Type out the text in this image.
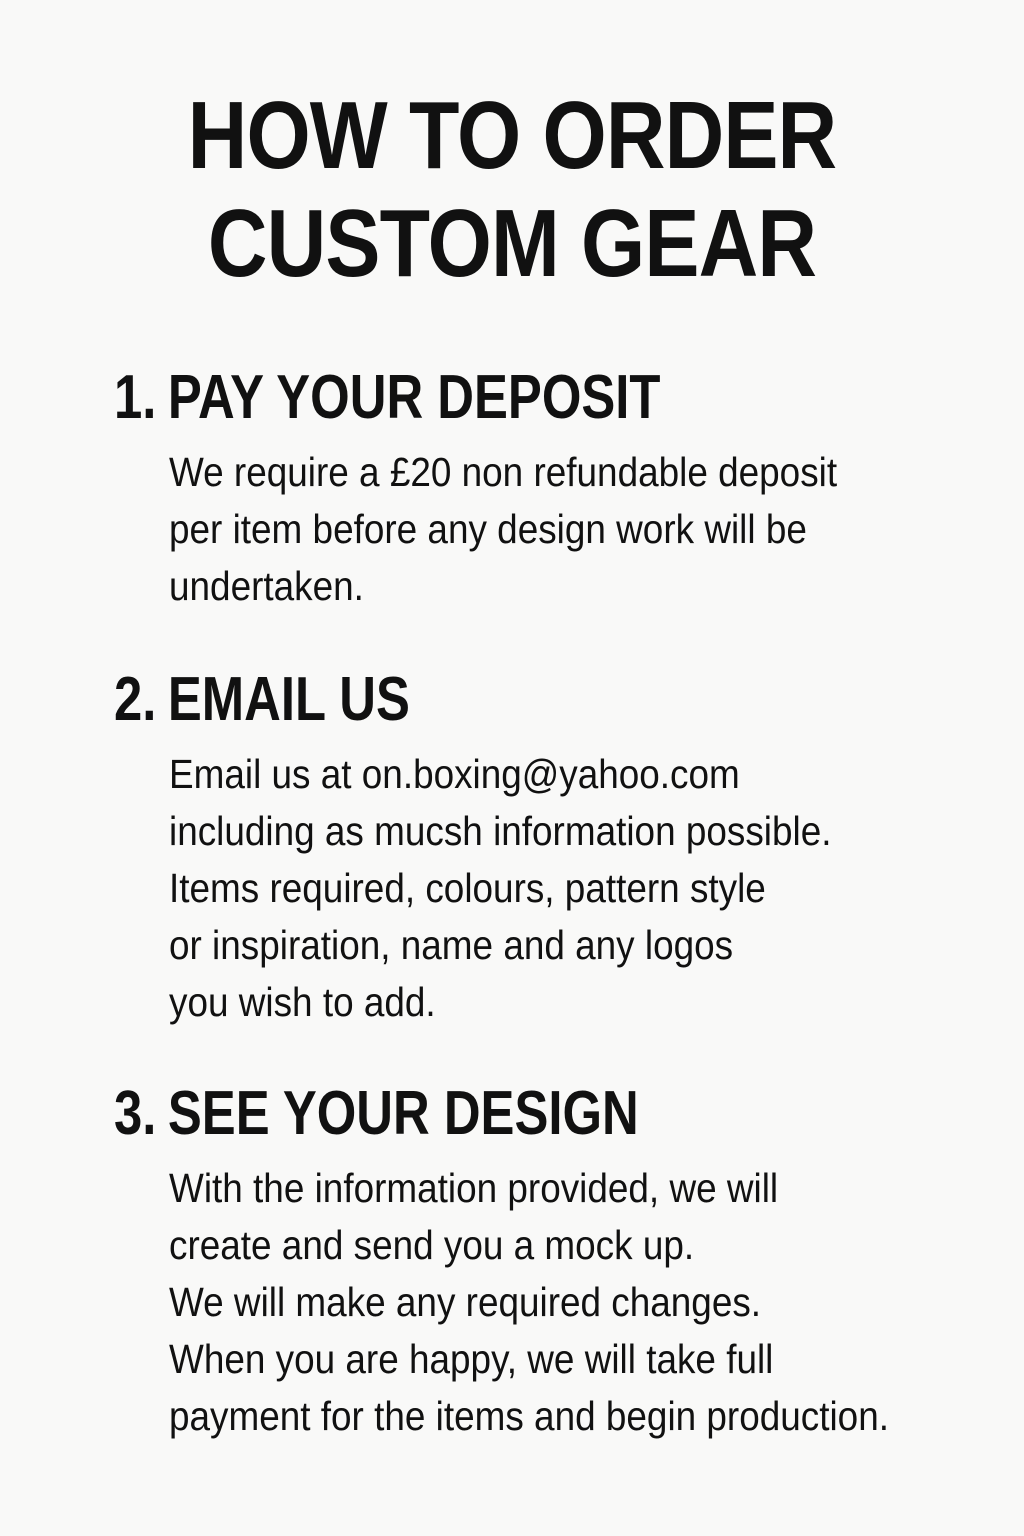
HOW TO ORDER
CUSTOM GEAR
1. PAY YOUR DEPOSIT
We require a £20 non refundable deposit
per item before any design work will be
undertaken.
2. EMAIL US
Email us at on.boxing@yahoo.com
including as mucsh information possible.
Items required, colours, pattern style
or inspiration, name and any logos
you wish to add.
3. SEE YOUR DESIGN
With the information provided, we will
create and send you a mock up.
We will make any required changes.
When you are happy, we will take full
payment for the items and begin production.
